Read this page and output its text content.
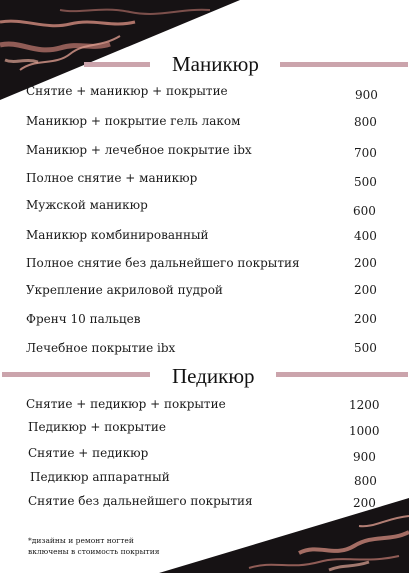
Маникюр
Снятие + маникюр + покрытие	900
Маникюр + покрытие гель лаком	800
Маникюр + лечебное покрытие ibx	700
Полное снятие + маникюр	500
Мужской маникюр	600
Маникюр комбинированный	400
Полное снятие без дальнейшего покрытия	200
Укрепление акриловой пудрой	200
Френч 10 пальцев	200
Лечебное покрытие ibx	500
Педикюр
Снятие + педикюр + покрытие	1200
Педикюр + покрытие	1000
Снятие + педикюр	900
Педикюр аппаратный	800
Снятие без дальнейшего покрытия	200
*дизайны и ремонт ногтей
включены в стоимость покрытия
